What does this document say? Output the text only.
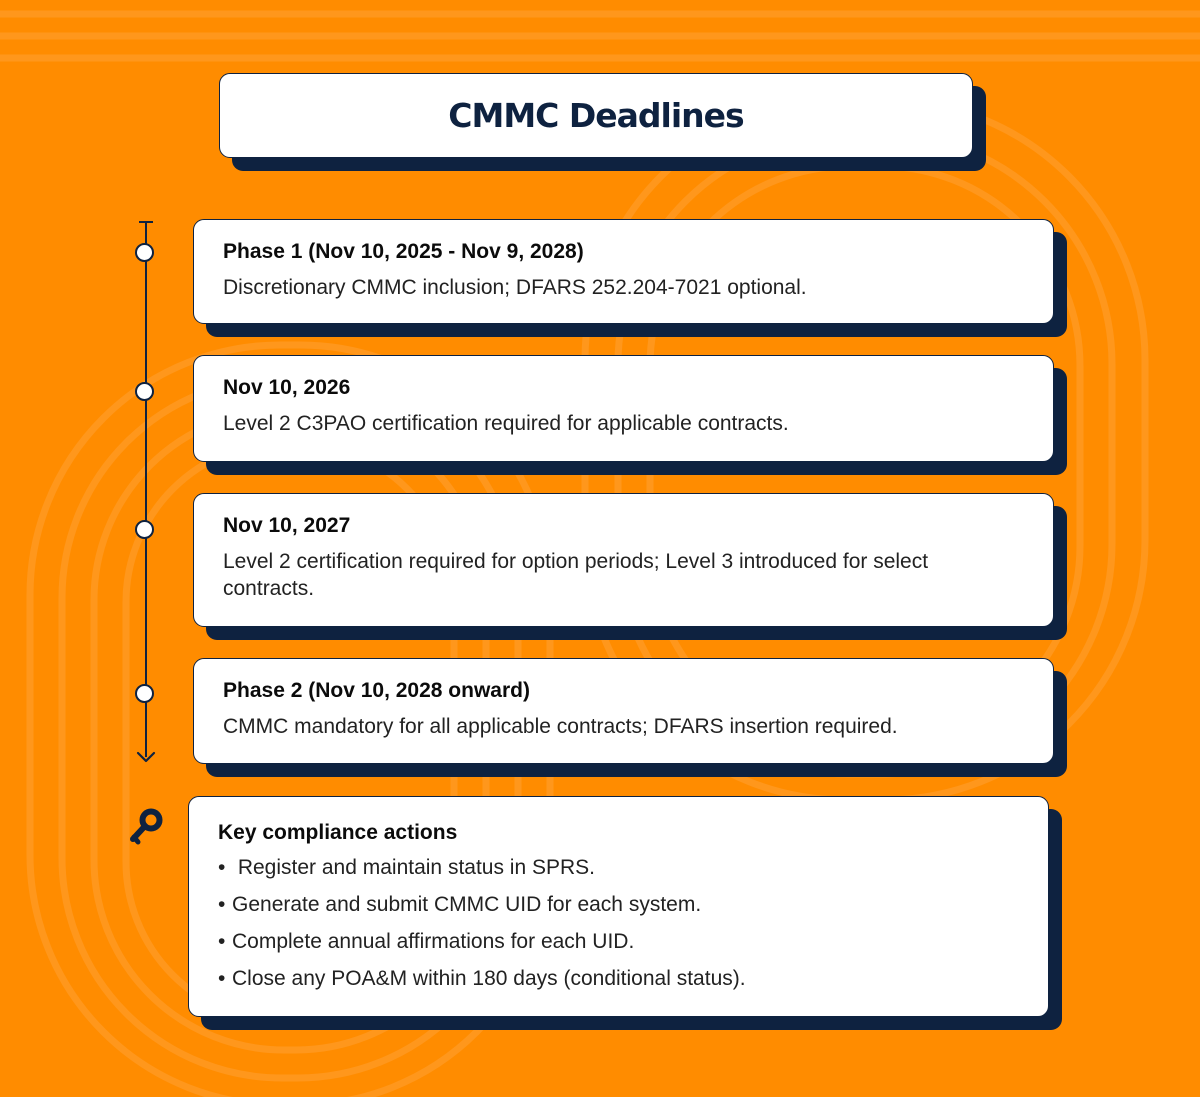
CMMC Deadlines
Phase 1 (Nov 10, 2025 - Nov 9, 2028)
Discretionary CMMC inclusion; DFARS 252.204-7021 optional.
Nov 10, 2026
Level 2 C3PAO certification required for applicable contracts.
Nov 10, 2027
Level 2 certification required for option periods; Level 3 introduced for select contracts.
Phase 2 (Nov 10, 2028 onward)
CMMC mandatory for all applicable contracts; DFARS insertion required.
Key compliance actions
• Register and maintain status in SPRS.
• Generate and submit CMMC UID for each system.
• Complete annual affirmations for each UID.
• Close any POA&M within 180 days (conditional status).
